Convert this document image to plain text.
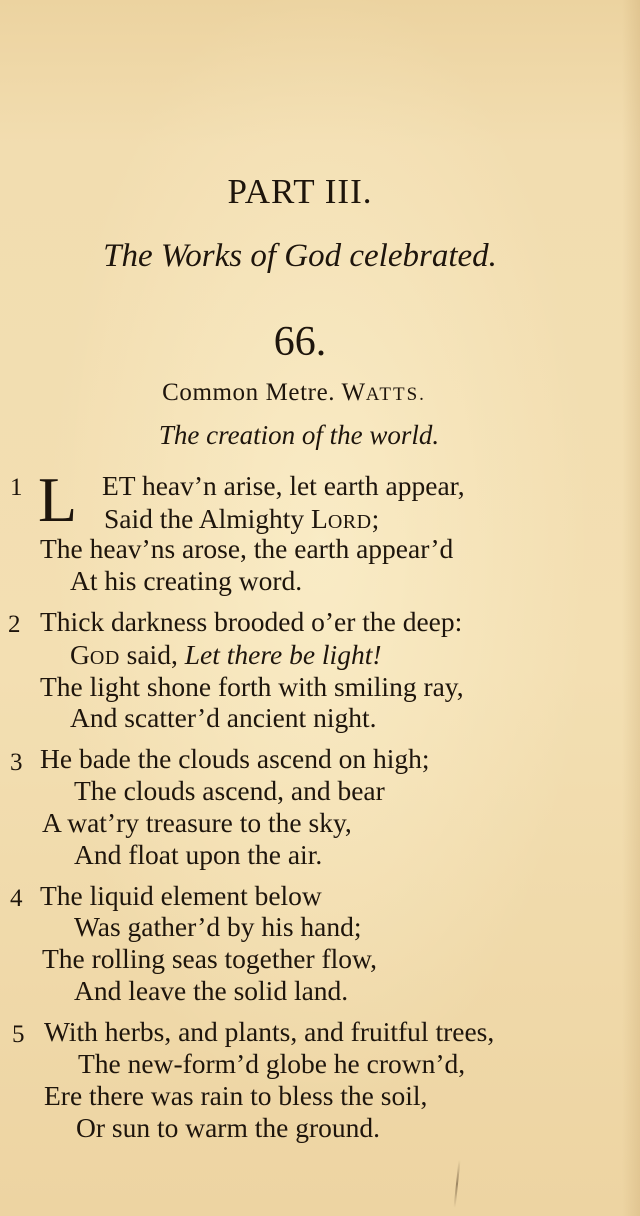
PART III.
The Works of God celebrated.
66.
Common Metre. WATTS.
The creation of the world.
1 L ET heav’n arise, let earth appear,
Said the Almighty LORD;
The heav’ns arose, the earth appear’d
At his creating word.
2 Thick darkness brooded o’er the deep:
GOD said, Let there be light!
The light shone forth with smiling ray,
And scatter’d ancient night.
3 He bade the clouds ascend on high;
The clouds ascend, and bear
A wat’ry treasure to the sky,
And float upon the air.
4 The liquid element below
Was gather’d by his hand;
The rolling seas together flow,
And leave the solid land.
5 With herbs, and plants, and fruitful trees,
The new-form’d globe he crown’d,
Ere there was rain to bless the soil,
Or sun to warm the ground.
